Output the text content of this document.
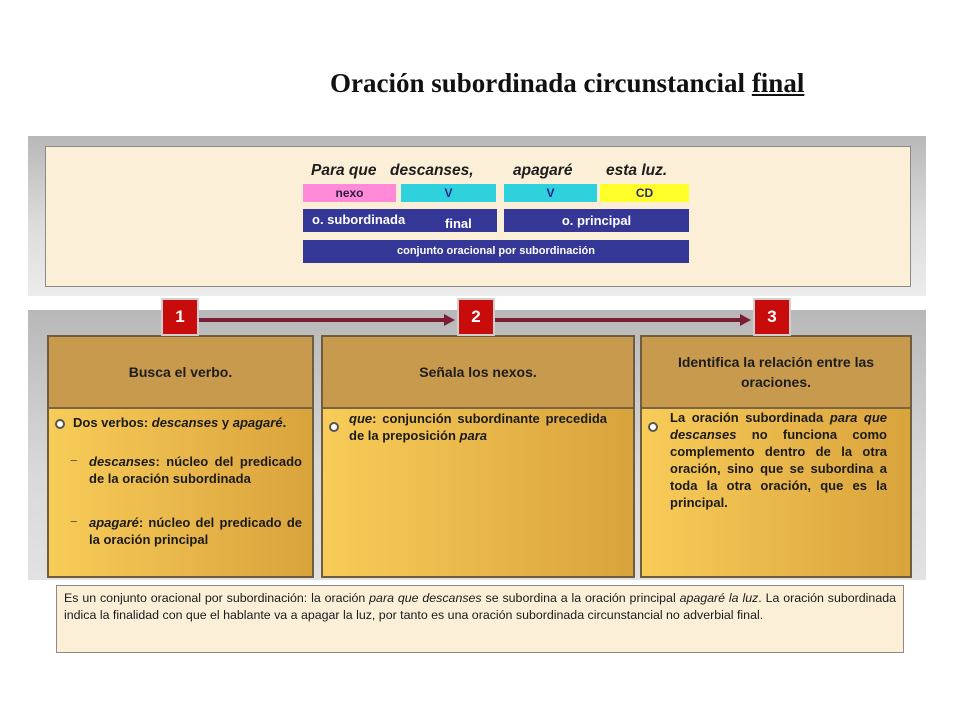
Oración subordinada circunstancial final
Para que descanses,	apagaré esta luz.
nexo	V	V	CD
o. subordinada	final	o. principal
conjunto oracional por subordinación
Busca el verbo.
Dos verbos: descanses y apagaré.
− descanses: núcleo del predicado de la oración subordinada
− apagaré: núcleo del predicado de la oración principal
Señala los nexos.
que: conjunción subordinante precedida de la preposición para
Identifica la relación entre las oraciones.
La oración subordinada para que descanses no funciona como complemento dentro de la otra oración, sino que se subordina a toda la otra oración, que es la principal.
1	2	3
Es un conjunto oracional por subordinación: la oración para que descanses se subordina a la oración principal apagaré la luz. La oración subordinada indica la finalidad con que el hablante va a apagar la luz, por tanto es una oración subordinada circunstancial no adverbial final.
